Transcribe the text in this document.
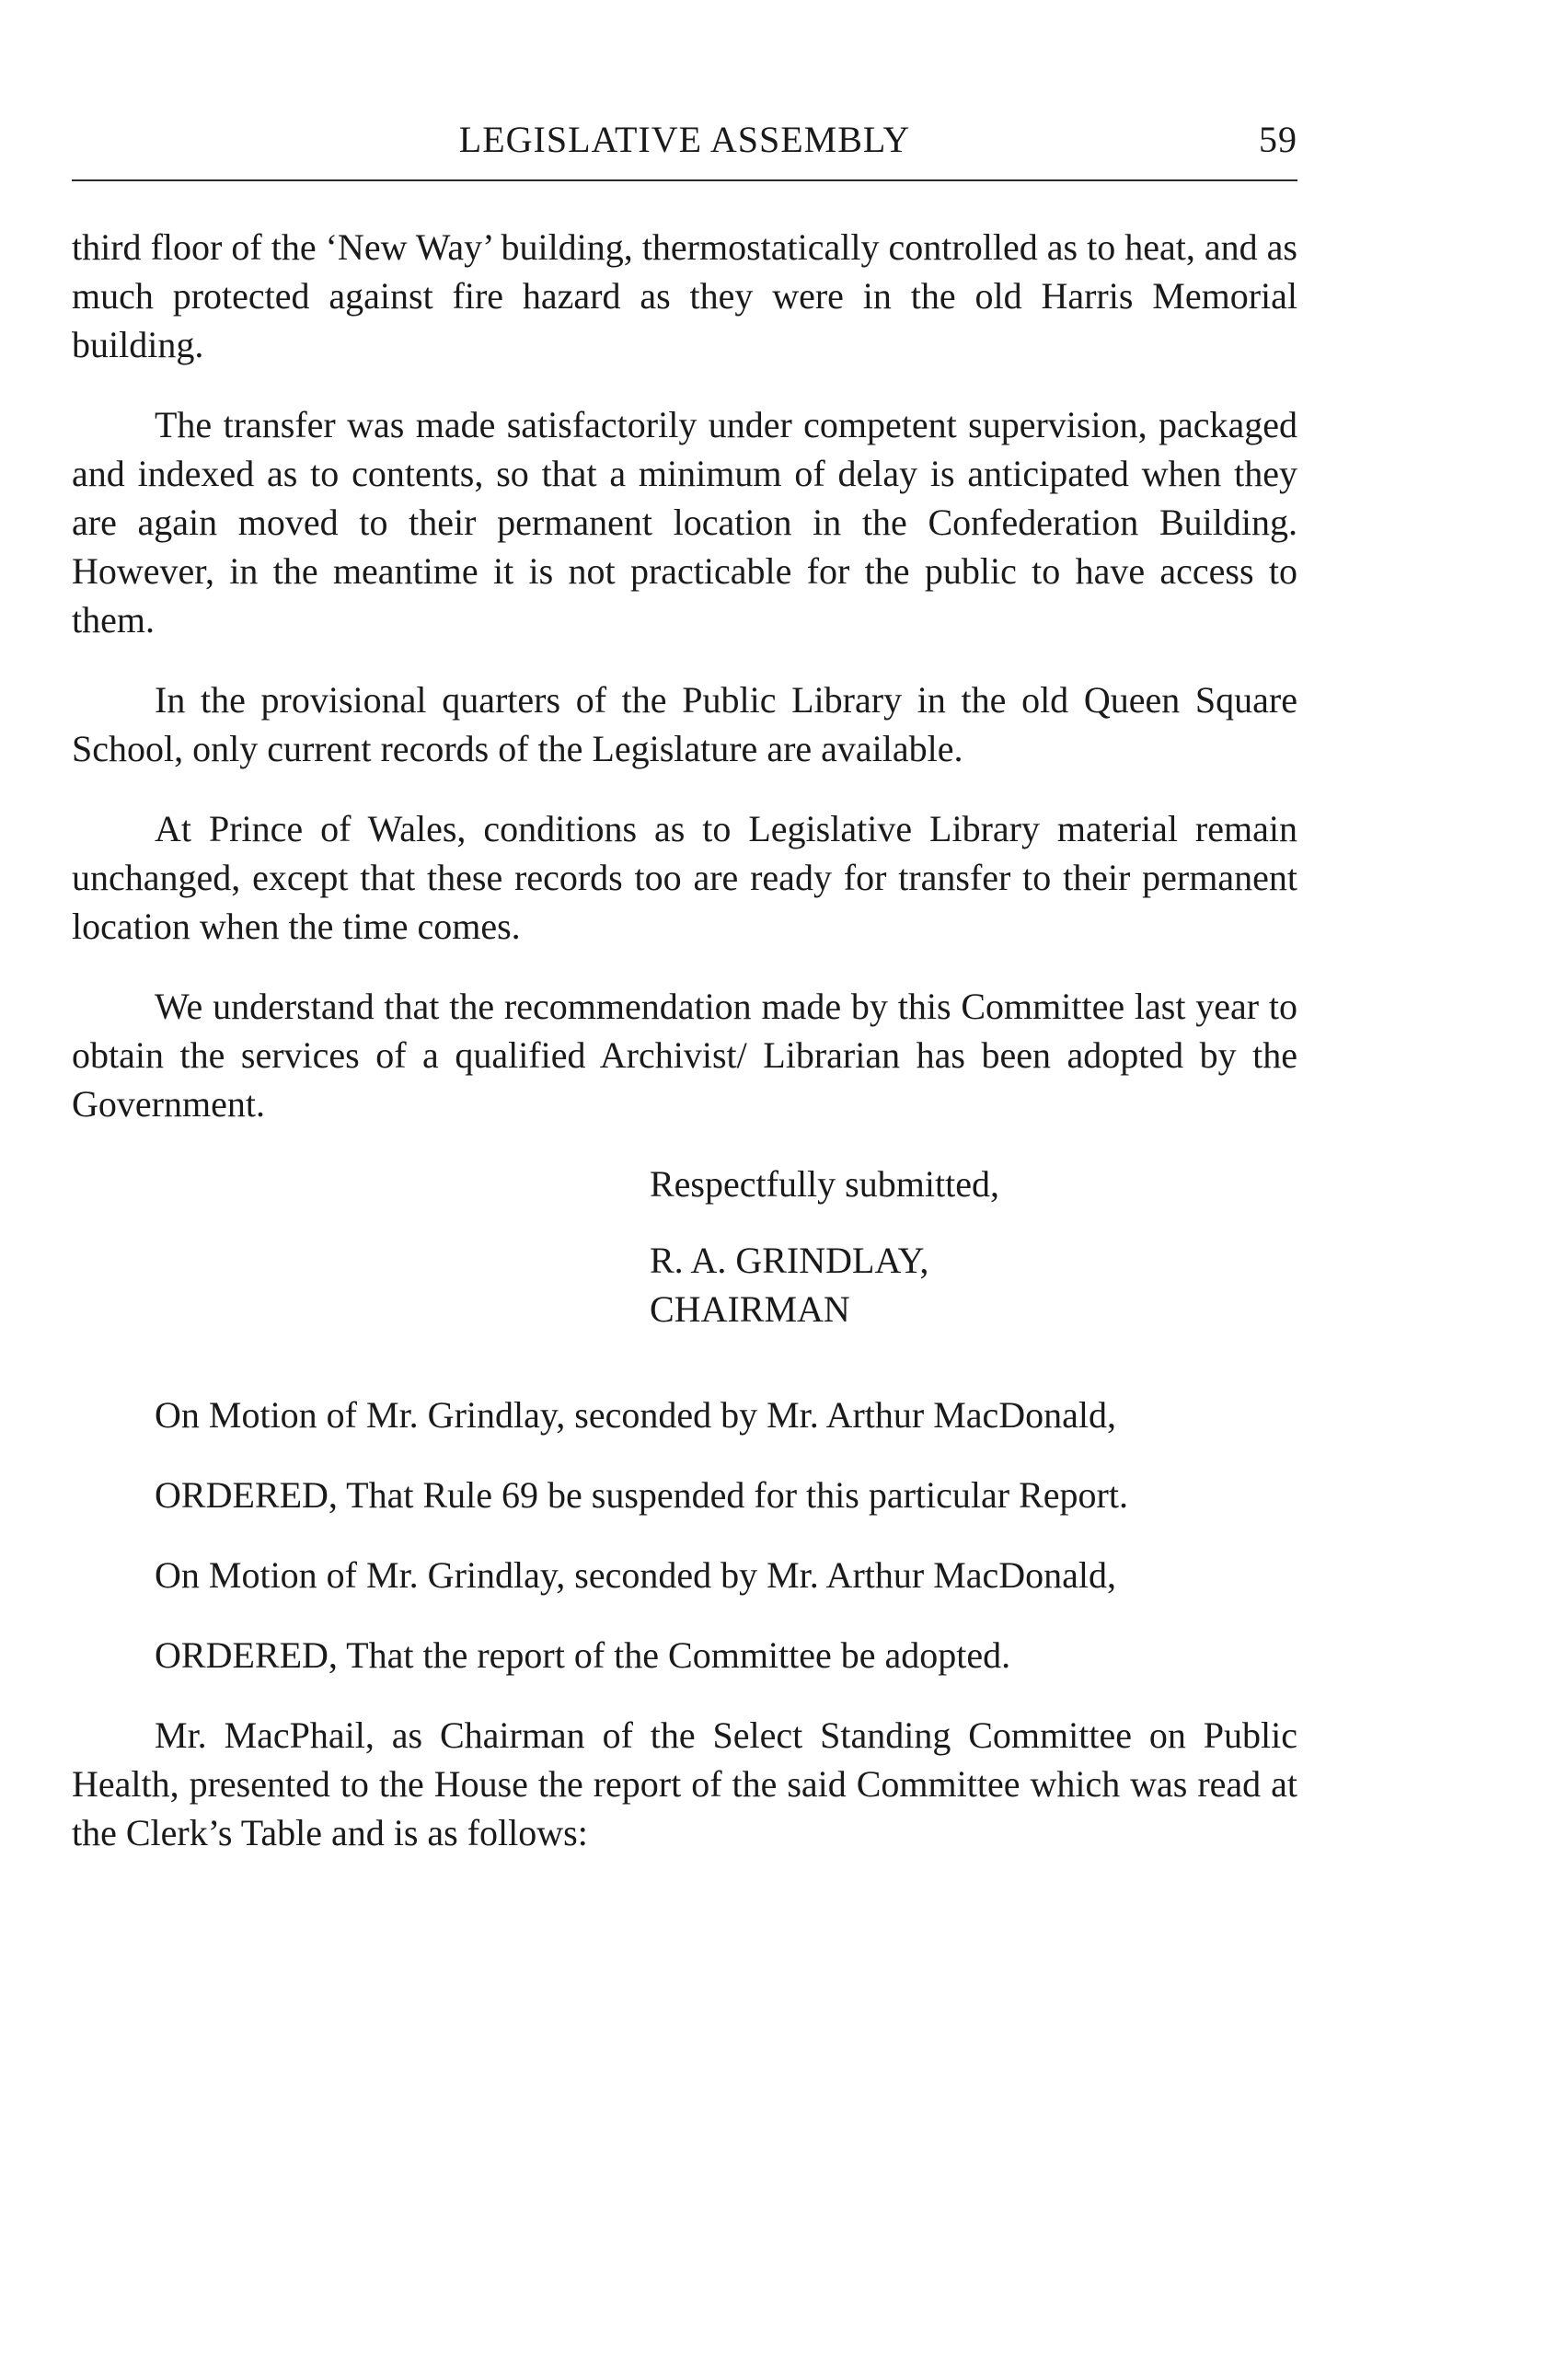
LEGISLATIVE ASSEMBLY	59

third floor of the ‘New Way’ building, thermostatically controlled as to heat, and as much protected against fire hazard as they were in the old Harris Memorial building.

The transfer was made satisfactorily under competent supervision, packaged and indexed as to contents, so that a minimum of delay is anticipated when they are again moved to their permanent location in the Confederation Building. However, in the meantime it is not practicable for the public to have access to them.

In the provisional quarters of the Public Library in the old Queen Square School, only current records of the Legislature are available.

At Prince of Wales, conditions as to Legislative Library material remain unchanged, except that these records too are ready for transfer to their permanent location when the time comes.

We understand that the recommendation made by this Committee last year to obtain the services of a qualified Archivist/ Librarian has been adopted by the Government.

Respectfully submitted,
R. A. GRINDLAY,
CHAIRMAN

On Motion of Mr. Grindlay, seconded by Mr. Arthur MacDonald,

ORDERED, That Rule 69 be suspended for this particular Report.

On Motion of Mr. Grindlay, seconded by Mr. Arthur MacDonald,

ORDERED, That the report of the Committee be adopted.

Mr. MacPhail, as Chairman of the Select Standing Committee on Public Health, presented to the House the report of the said Committee which was read at the Clerk’s Table and is as follows:
